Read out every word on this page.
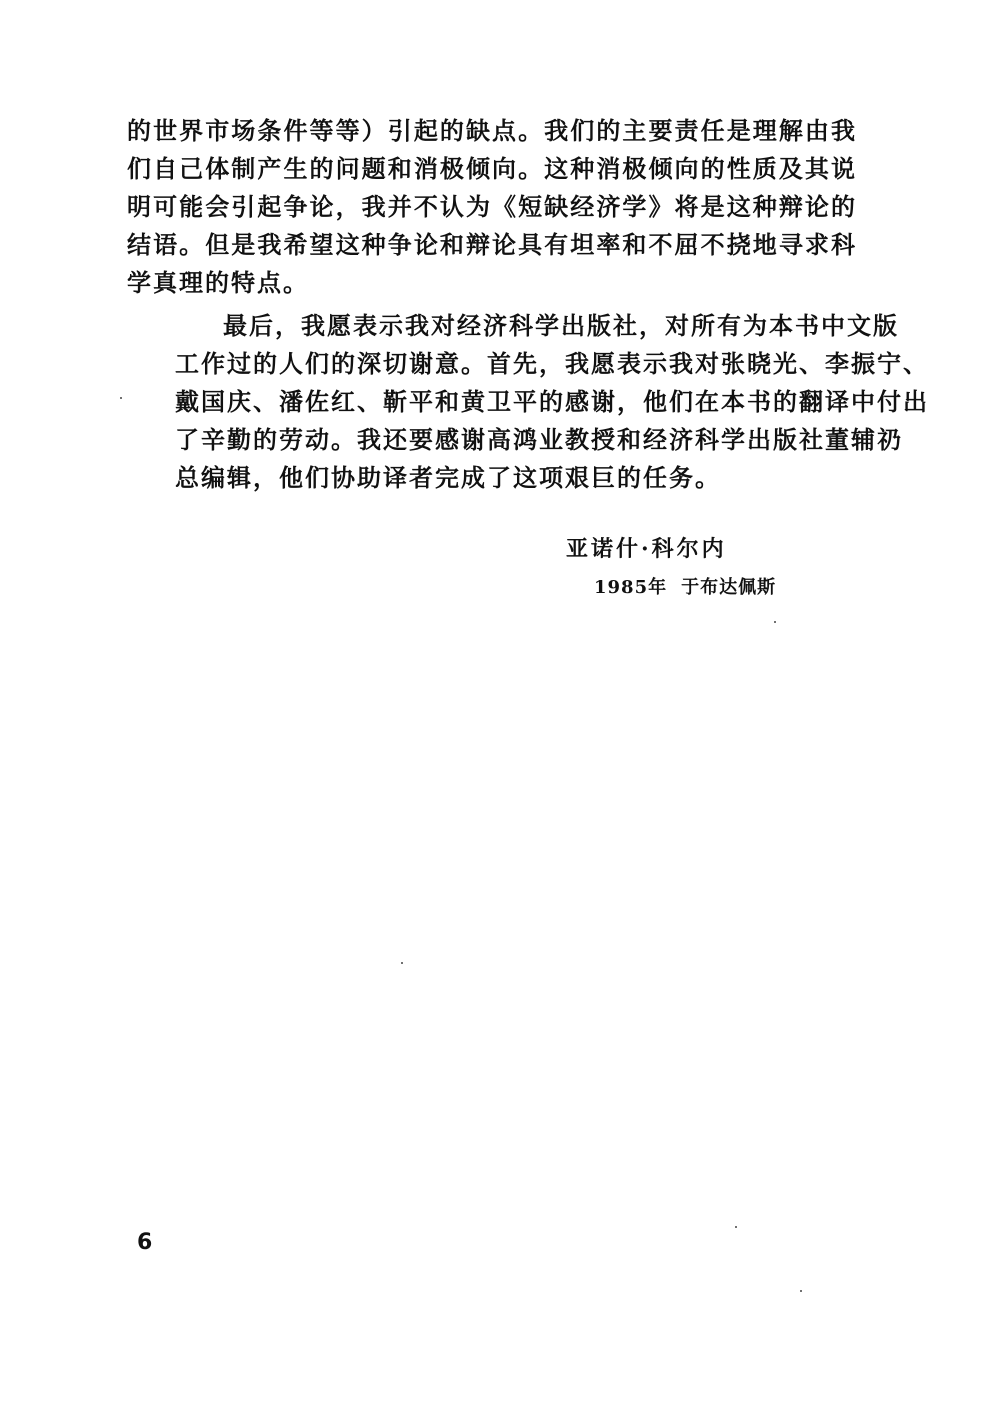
的世界市场条件等等）引起的缺点。我们的主要责任是理解由我
们自己体制产生的问题和消极倾向。这种消极倾向的性质及其说
明可能会引起争论，我并不认为《短缺经济学》将是这种辩论的
结语。但是我希望这种争论和辩论具有坦率和不屈不挠地寻求科
学真理的特点。
最后，我愿表示我对经济科学出版社，对所有为本书中文版
工作过的人们的深切谢意。首先，我愿表示我对张晓光、李振宁、
戴国庆、潘佐红、靳平和黄卫平的感谢，他们在本书的翻译中付出
了辛勤的劳动。我还要感谢高鸿业教授和经济科学出版社董辅礽
总编辑，他们协助译者完成了这项艰巨的任务。
亚诺什·科尔内
1985年 于布达佩斯
6
